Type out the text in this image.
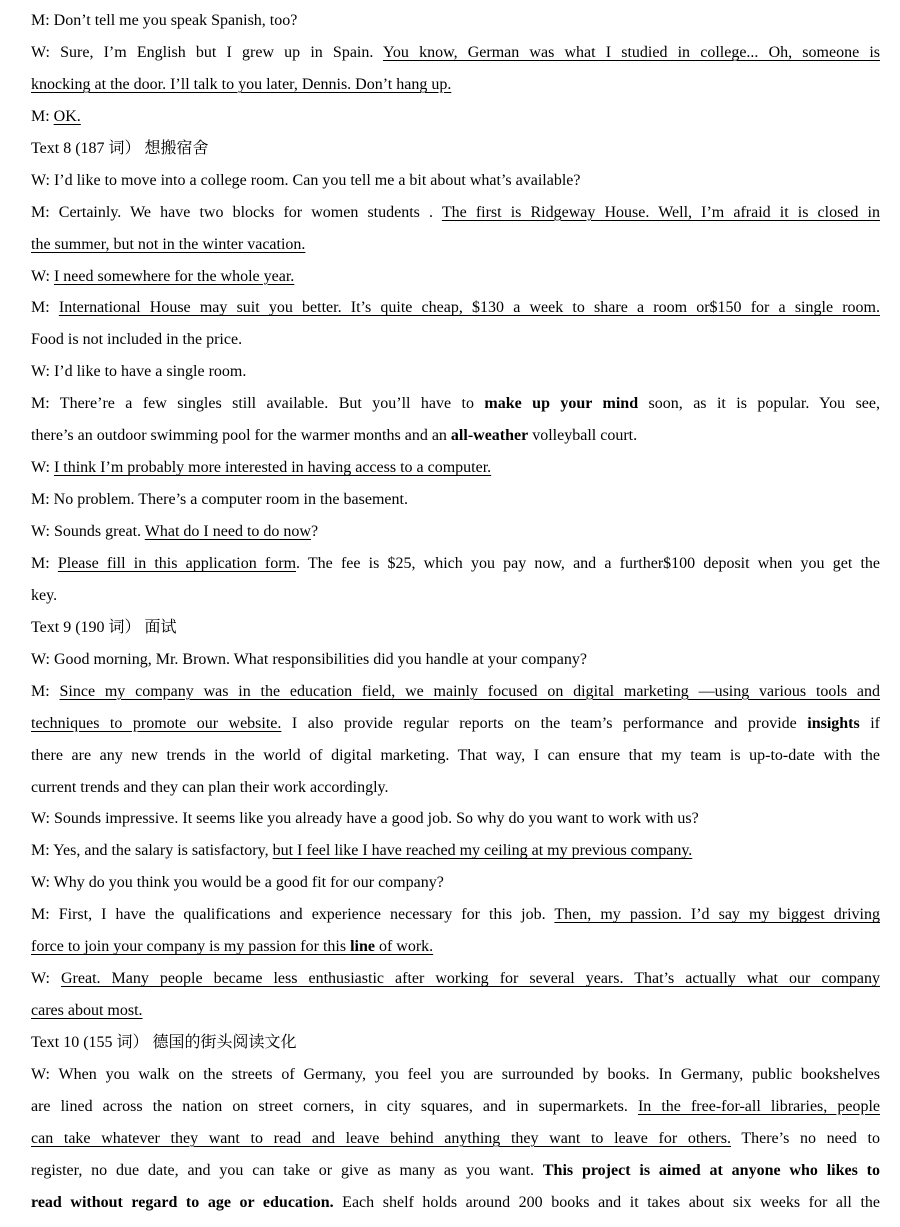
M: Don’t tell me you speak Spanish, too?
W: Sure, I’m English but I grew up in Spain. You know, German was what I studied in college... Oh, someone is
knocking at the door. I’ll talk to you later, Dennis. Don’t hang up.
M: OK.
Text 8 (187 词） 想搬宿舍
W: I’d like to move into a college room. Can you tell me a bit about what’s available?
M: Certainly. We have two blocks for women students . The first is Ridgeway House. Well, I’m afraid it is closed in
the summer, but not in the winter vacation.
W: I need somewhere for the whole year.
M: International House may suit you better. It’s quite cheap, $130 a week to share a room or$150 for a single room.
Food is not included in the price.
W: I’d like to have a single room.
M: There’re a few singles still available. But you’ll have to make up your mind soon, as it is popular. You see,
there’s an outdoor swimming pool for the warmer months and an all-weather volleyball court.
W: I think I’m probably more interested in having access to a computer.
M: No problem. There’s a computer room in the basement.
W: Sounds great. What do I need to do now?
M: Please fill in this application form. The fee is $25, which you pay now, and a further$100 deposit when you get the
key.
Text 9 (190 词） 面试
W: Good morning, Mr. Brown. What responsibilities did you handle at your company?
M: Since my company was in the education field, we mainly focused on digital marketing —using various tools and
techniques to promote our website. I also provide regular reports on the team’s performance and provide insights if
there are any new trends in the world of digital marketing. That way, I can ensure that my team is up-to-date with the
current trends and they can plan their work accordingly.
W: Sounds impressive. It seems like you already have a good job. So why do you want to work with us?
M: Yes, and the salary is satisfactory, but I feel like I have reached my ceiling at my previous company.
W: Why do you think you would be a good fit for our company?
M: First, I have the qualifications and experience necessary for this job. Then, my passion. I’d say my biggest driving
force to join your company is my passion for this line of work.
W: Great. Many people became less enthusiastic after working for several years. That’s actually what our company
cares about most.
Text 10 (155 词） 德国的街头阅读文化
W: When you walk on the streets of Germany, you feel you are surrounded by books. In Germany, public bookshelves
are lined across the nation on street corners, in city squares, and in supermarkets. In the free-for-all libraries, people
can take whatever they want to read and leave behind anything they want to leave for others. There’s no need to
register, no due date, and you can take or give as many as you want. This project is aimed at anyone who likes to
read without regard to age or education. Each shelf holds around 200 books and it takes about six weeks for all the
